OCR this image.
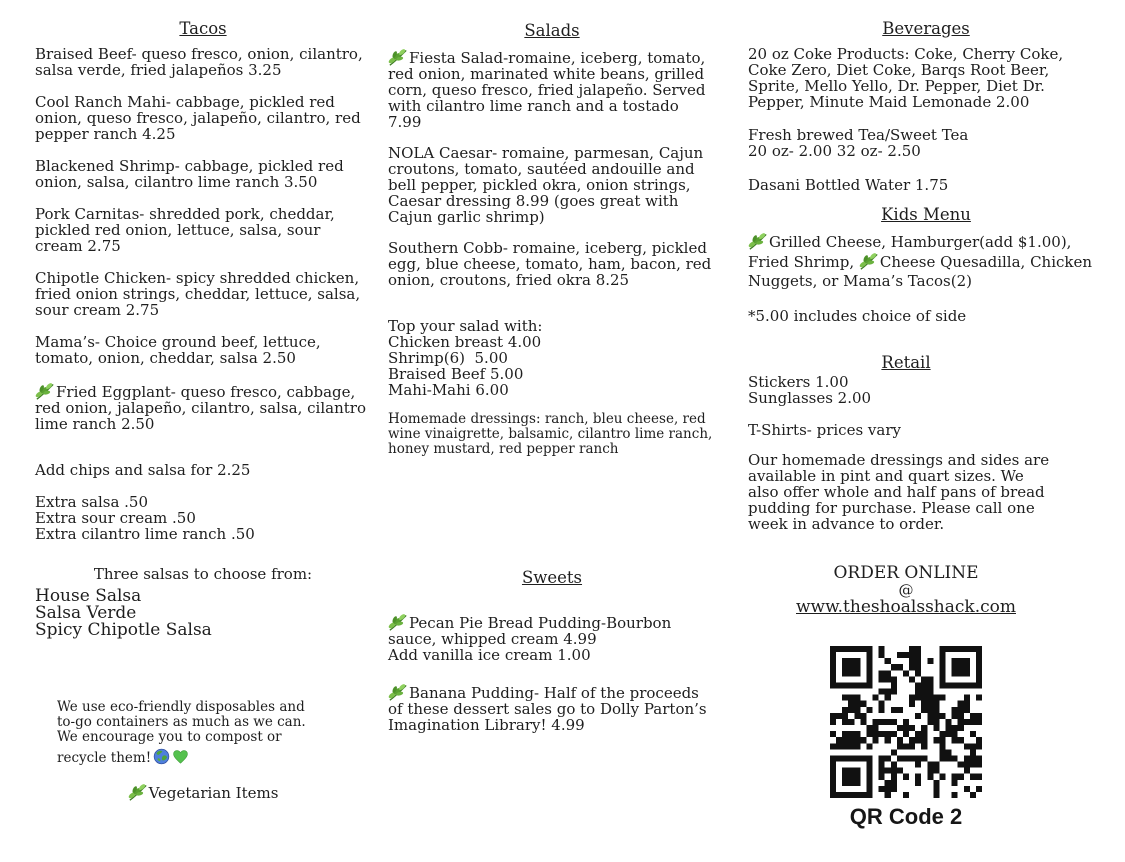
Tacos

Braised Beef- queso fresco, onion, cilantro, salsa verde, fried jalapeños 3.25

Cool Ranch Mahi- cabbage, pickled red onion, queso fresco, jalapeño, cilantro, red pepper ranch 4.25

Blackened Shrimp- cabbage, pickled red onion, salsa, cilantro lime ranch 3.50

Pork Carnitas- shredded pork, cheddar, pickled red onion, lettuce, salsa, sour cream 2.75

Chipotle Chicken- spicy shredded chicken, fried onion strings, cheddar, lettuce, salsa, sour cream 2.75

Mama’s- Choice ground beef, lettuce, tomato, onion, cheddar, salsa 2.50

Fried Eggplant- queso fresco, cabbage, red onion, jalapeño, cilantro, salsa, cilantro lime ranch 2.50

Add chips and salsa for 2.25
Extra salsa .50
Extra sour cream .50
Extra cilantro lime ranch .50
Three salsas to choose from:
House Salsa
Salsa Verde
Spicy Chipotle Salsa
We use eco-friendly disposables and
to-go containers as much as we can.
We encourage you to compost or
recycle them!
Vegetarian Items
Salads

Fiesta Salad-romaine, iceberg, tomato, red onion, marinated white beans, grilled corn, queso fresco, fried jalapeño. Served with cilantro lime ranch and a tostado 7.99

NOLA Caesar- romaine, parmesan, Cajun croutons, tomato, sautéed andouille and bell pepper, pickled okra, onion strings, Caesar dressing 8.99 (goes great with Cajun garlic shrimp)

Southern Cobb- romaine, iceberg, pickled egg, blue cheese, tomato, ham, bacon, red onion, croutons, fried okra 8.25

Top your salad with:
Chicken breast 4.00
Shrimp(6)  5.00
Braised Beef 5.00
Mahi-Mahi 6.00
Homemade dressings: ranch, bleu cheese, red wine vinaigrette, balsamic, cilantro lime ranch, honey mustard, red pepper ranch
Sweets
Pecan Pie Bread Pudding-Bourbon sauce, whipped cream 4.99
Add vanilla ice cream 1.00
Banana Pudding- Half of the proceeds of these dessert sales go to Dolly Parton’s Imagination Library! 4.99
Beverages

20 oz Coke Products: Coke, Cherry Coke, Coke Zero, Diet Coke, Barqs Root Beer, Sprite, Mello Yello, Dr. Pepper, Diet Dr. Pepper, Minute Maid Lemonade 2.00

Fresh brewed Tea/Sweet Tea
20 oz- 2.00 32 oz- 2.50
Dasani Bottled Water 1.75
Kids Menu
Grilled Cheese, Hamburger(add $1.00), Fried Shrimp, Cheese Quesadilla, Chicken Nuggets, or Mama’s Tacos(2)
*5.00 includes choice of side
Retail
Stickers 1.00
Sunglasses 2.00
T-Shirts- prices vary
Our homemade dressings and sides are available in pint and quart sizes. We also offer whole and half pans of bread pudding for purchase. Please call one week in advance to order.
ORDER ONLINE
@
www.theshoalsshack.com
QR Code 2
